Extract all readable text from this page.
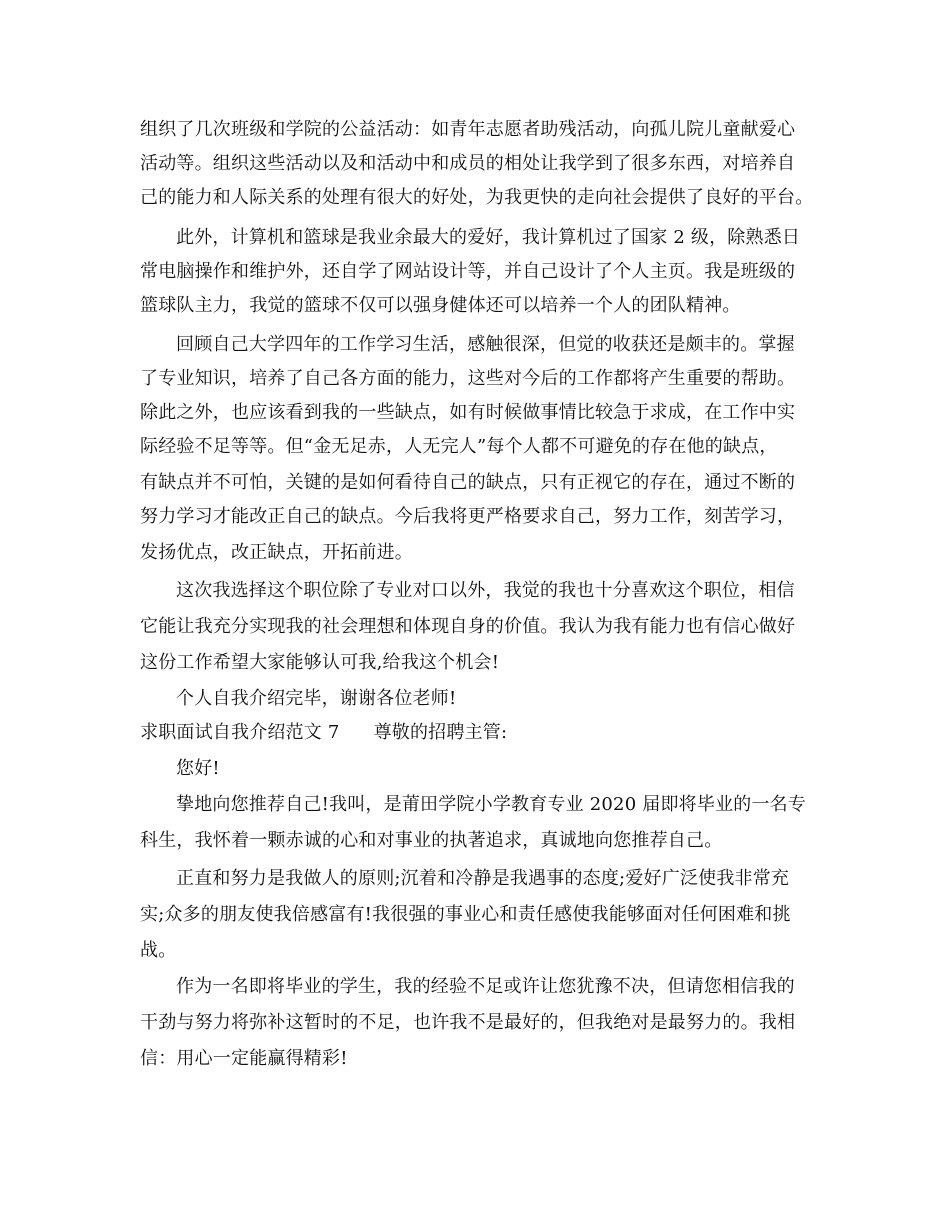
组织了几次班级和学院的公益活动：如青年志愿者助残活动，向孤儿院儿童献爱心
活动等。组织这些活动以及和活动中和成员的相处让我学到了很多东西，对培养自
己的能力和人际关系的处理有很大的好处，为我更快的走向社会提供了良好的平台。
此外，计算机和篮球是我业余最大的爱好，我计算机过了国家 2 级，除熟悉日
常电脑操作和维护外，还自学了网站设计等，并自己设计了个人主页。我是班级的
篮球队主力，我觉的篮球不仅可以强身健体还可以培养一个人的团队精神。
回顾自己大学四年的工作学习生活，感触很深，但觉的收获还是颇丰的。掌握
了专业知识，培养了自己各方面的能力，这些对今后的工作都将产生重要的帮助。
除此之外，也应该看到我的一些缺点，如有时候做事情比较急于求成，在工作中实
际经验不足等等。但“金无足赤，人无完人”每个人都不可避免的存在他的缺点，
有缺点并不可怕，关键的是如何看待自己的缺点，只有正视它的存在，通过不断的
努力学习才能改正自己的缺点。今后我将更严格要求自己，努力工作，刻苦学习，
发扬优点，改正缺点，开拓前进。
这次我选择这个职位除了专业对口以外，我觉的我也十分喜欢这个职位，相信
它能让我充分实现我的社会理想和体现自身的价值。我认为我有能力也有信心做好
这份工作希望大家能够认可我,给我这个机会!
个人自我介绍完毕，谢谢各位老师!
求职面试自我介绍范文 7 尊敬的招聘主管:
您好!
挚地向您推荐自己!我叫，是莆田学院小学教育专业 2020 届即将毕业的一名专
科生，我怀着一颗赤诚的心和对事业的执著追求，真诚地向您推荐自己。
正直和努力是我做人的原则;沉着和冷静是我遇事的态度;爱好广泛使我非常充
实;众多的朋友使我倍感富有!我很强的事业心和责任感使我能够面对任何困难和挑
战。
作为一名即将毕业的学生，我的经验不足或许让您犹豫不决，但请您相信我的
干劲与努力将弥补这暂时的不足，也许我不是最好的，但我绝对是最努力的。我相
信：用心一定能赢得精彩!
